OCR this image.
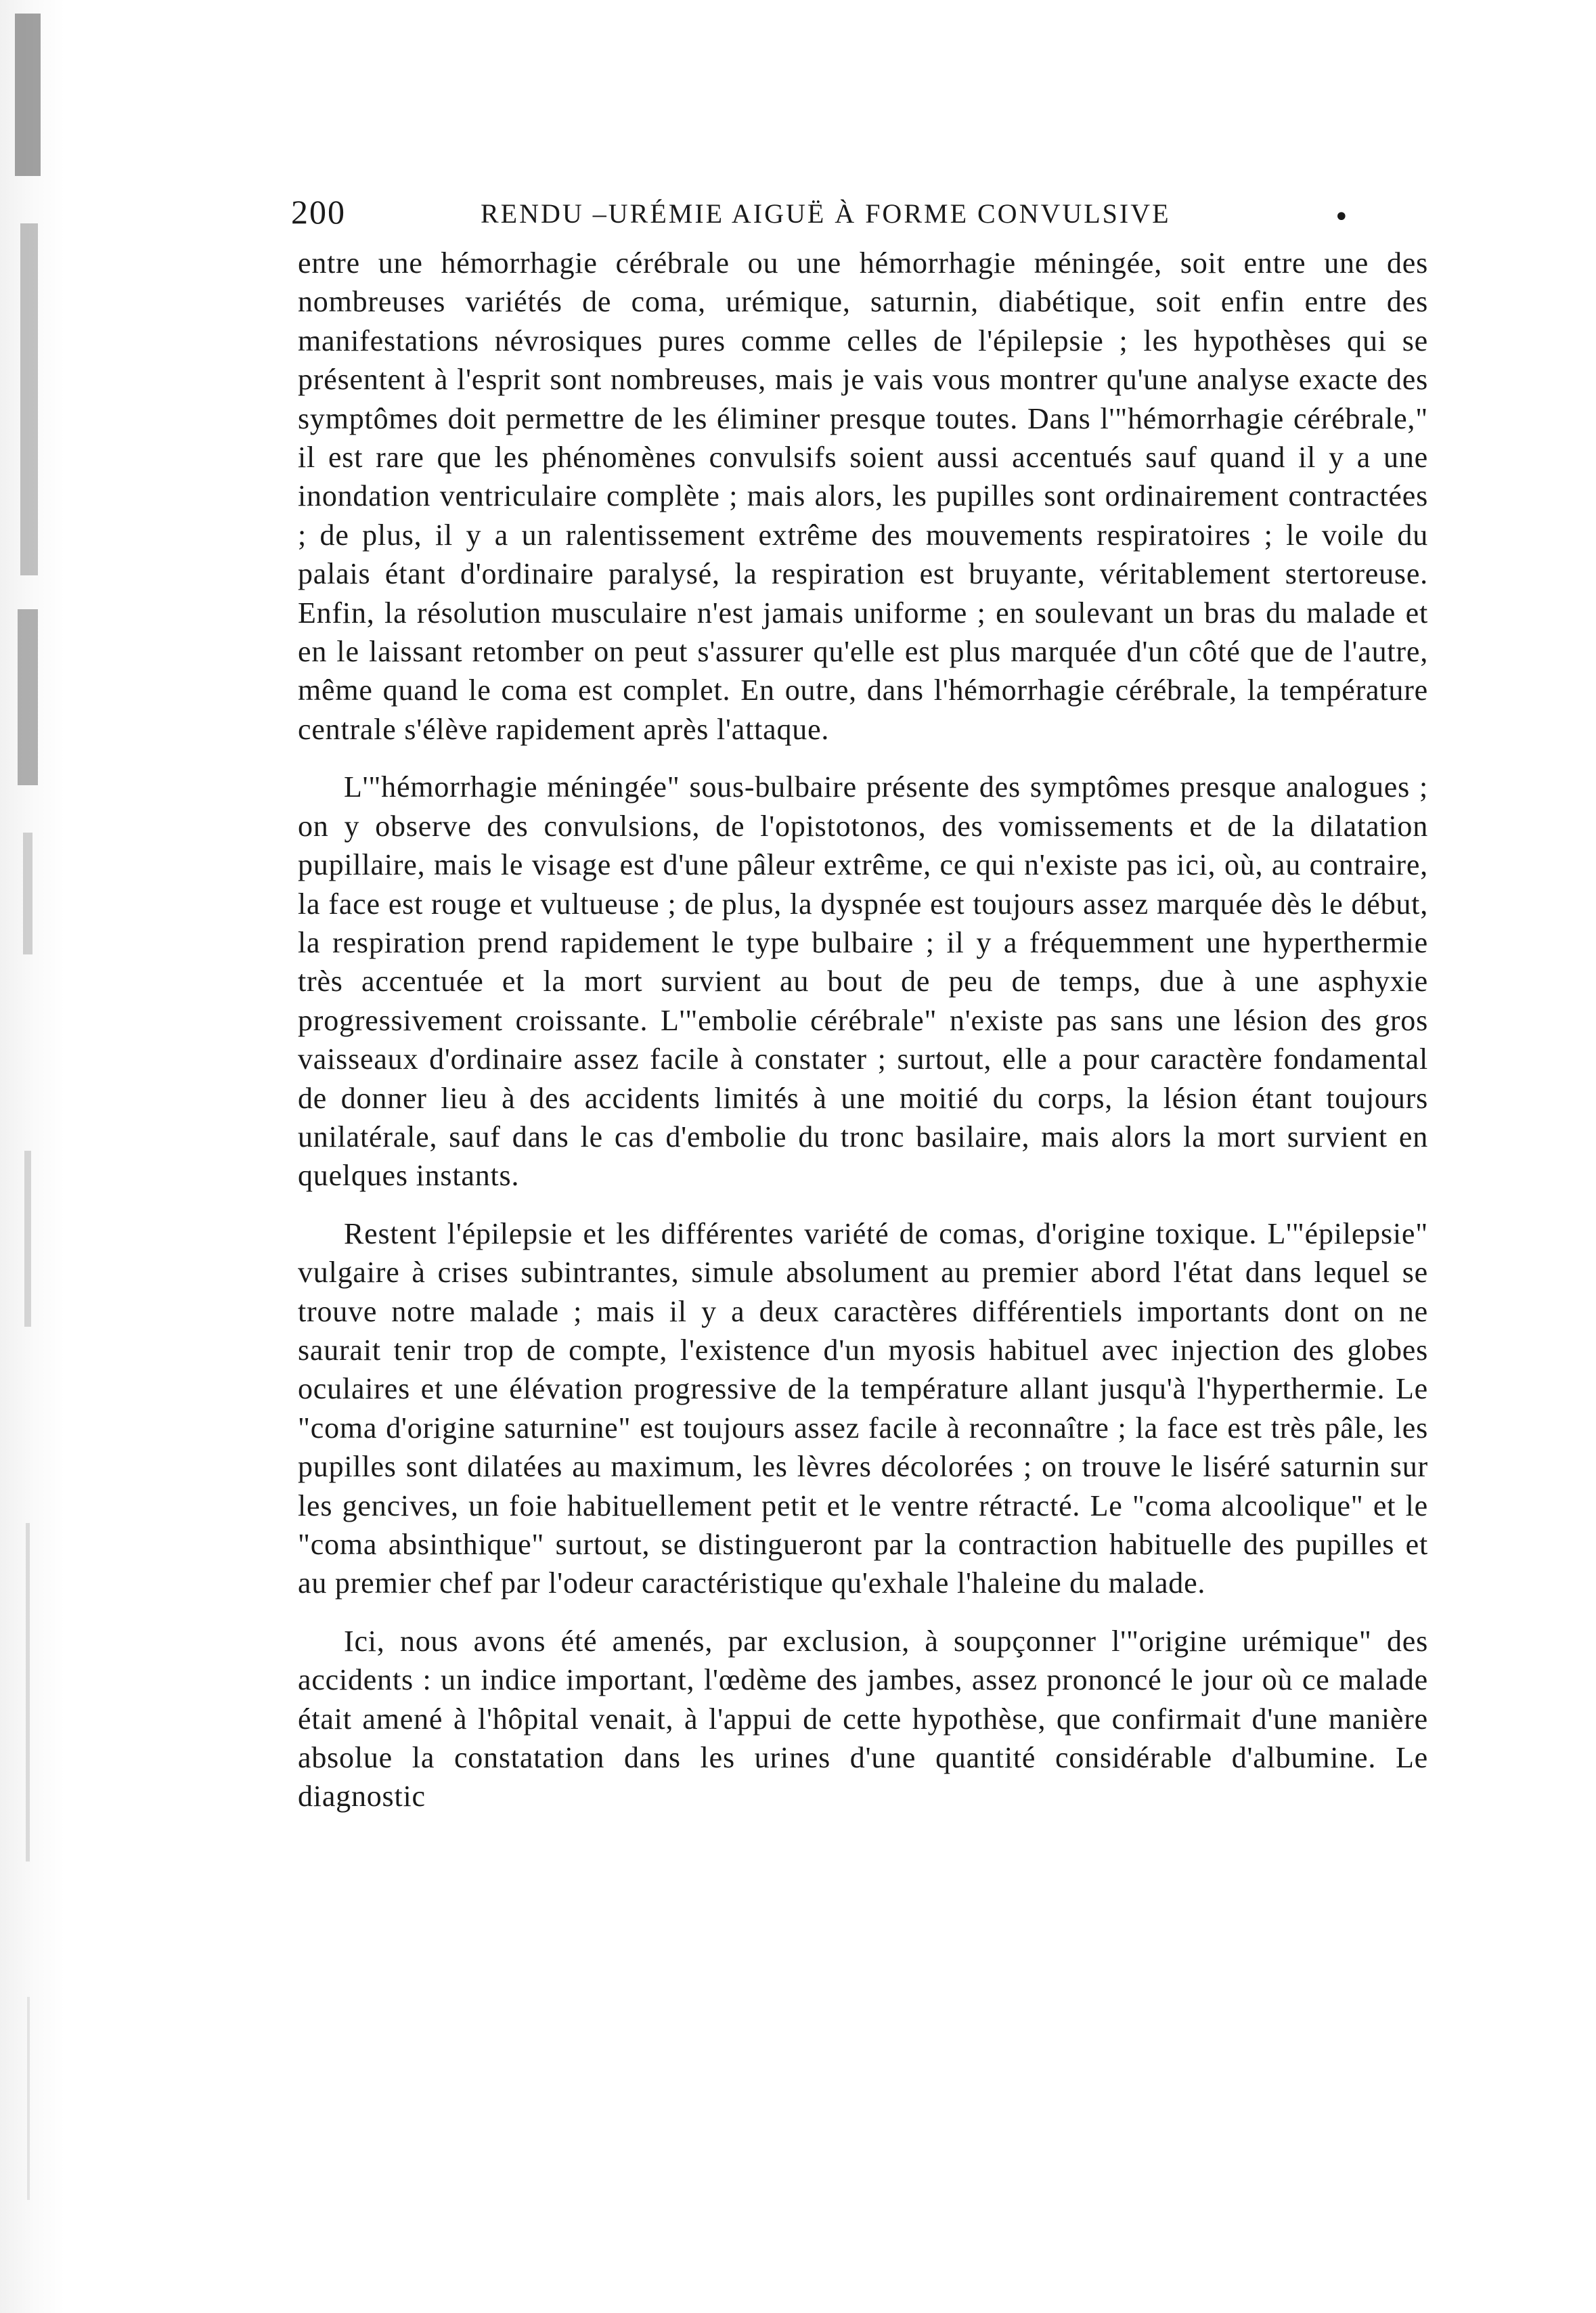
200	RENDU –URÉMIE AIGUË À FORME CONVULSIVE	•

entre une hémorrhagie cérébrale ou une hémorrhagie méningée, soit entre une des nombreuses variétés de coma, urémique, saturnin, diabétique, soit enfin entre des manifestations névrosiques pures comme celles de l'épilepsie ; les hypothèses qui se présentent à l'esprit sont nombreuses, mais je vais vous montrer qu'une analyse exacte des symptômes doit permettre de les éliminer presque toutes. Dans l'"hémorrhagie cérébrale," il est rare que les phénomènes convulsifs soient aussi accentués sauf quand il y a une inondation ventriculaire complète ; mais alors, les pupilles sont ordinairement contractées ; de plus, il y a un ralentissement extrême des mouvements respiratoires ; le voile du palais étant d'ordinaire paralysé, la respiration est bruyante, véritablement stertoreuse. Enfin, la résolution musculaire n'est jamais uniforme ; en soulevant un bras du malade et en le laissant retomber on peut s'assurer qu'elle est plus marquée d'un côté que de l'autre, même quand le coma est complet. En outre, dans l'hémorrhagie cérébrale, la température centrale s'élève rapidement après l'attaque.

L'"hémorrhagie méningée" sous-bulbaire présente des symptômes presque analogues ; on y observe des convulsions, de l'opistotonos, des vomissements et de la dilatation pupillaire, mais le visage est d'une pâleur extrême, ce qui n'existe pas ici, où, au contraire, la face est rouge et vultueuse ; de plus, la dyspnée est toujours assez marquée dès le début, la respiration prend rapidement le type bulbaire ; il y a fréquemment une hyperthermie très accentuée et la mort survient au bout de peu de temps, due à une asphyxie progressivement croissante. L'"embolie cérébrale" n'existe pas sans une lésion des gros vaisseaux d'ordinaire assez facile à constater ; surtout, elle a pour caractère fondamental de donner lieu à des accidents limités à une moitié du corps, la lésion étant toujours unilatérale, sauf dans le cas d'embolie du tronc basilaire, mais alors la mort survient en quelques instants.

Restent l'épilepsie et les différentes variété de comas, d'origine toxique. L'"épilepsie" vulgaire à crises subintrantes, simule absolument au premier abord l'état dans lequel se trouve notre malade ; mais il y a deux caractères différentiels importants dont on ne saurait tenir trop de compte, l'existence d'un myosis habituel avec injection des globes oculaires et une élévation progressive de la température allant jusqu'à l'hyperthermie. Le "coma d'origine saturnine" est toujours assez facile à reconnaître ; la face est très pâle, les pupilles sont dilatées au maximum, les lèvres décolorées ; on trouve le liséré saturnin sur les gencives, un foie habituellement petit et le ventre rétracté. Le "coma alcoolique" et le "coma absinthique" surtout, se distingueront par la contraction habituelle des pupilles et au premier chef par l'odeur caractéristique qu'exhale l'haleine du malade.

Ici, nous avons été amenés, par exclusion, à soupçonner l'"origine urémique" des accidents : un indice important, l'œdème des jambes, assez prononcé le jour où ce malade était amené à l'hôpital venait, à l'appui de cette hypothèse, que confirmait d'une manière absolue la constatation dans les urines d'une quantité considérable d'albumine. Le diagnostic
